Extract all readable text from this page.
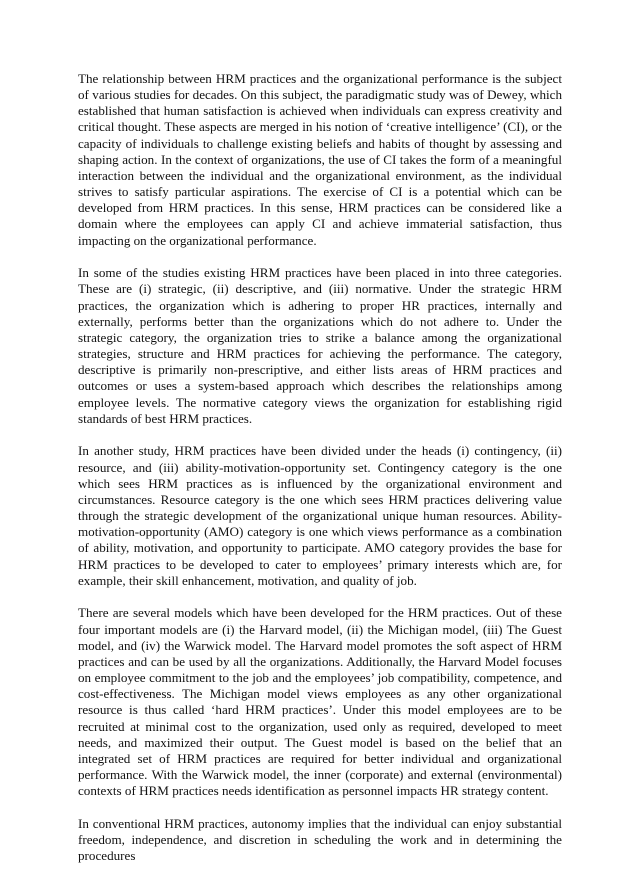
The relationship between HRM practices and the organizational performance is the subject of various studies for decades. On this subject, the paradigmatic study was of Dewey, which established that human satisfaction is achieved when individuals can express creativity and critical thought. These aspects are merged in his notion of ‘creative intelligence’ (CI), or the capacity of individuals to challenge existing beliefs and habits of thought by assessing and shaping action. In the context of organizations, the use of CI takes the form of a meaningful interaction between the individual and the organizational environment, as the individual strives to satisfy particular aspirations. The exercise of CI is a potential which can be developed from HRM practices. In this sense, HRM practices can be considered like a domain where the employees can apply CI and achieve immaterial satisfaction, thus impacting on the organizational performance.

In some of the studies existing HRM practices have been placed in into three categories. These are (i) strategic, (ii) descriptive, and (iii) normative. Under the strategic HRM practices, the organization which is adhering to proper HR practices, internally and externally, performs better than the organizations which do not adhere to. Under the strategic category, the organization tries to strike a balance among the organizational strategies, structure and HRM practices for achieving the performance. The category, descriptive is primarily non-prescriptive, and either lists areas of HRM practices and outcomes or uses a system-based approach which describes the relationships among employee levels. The normative category views the organization for establishing rigid standards of best HRM practices.

In another study, HRM practices have been divided under the heads (i) contingency, (ii) resource, and (iii) ability-motivation-opportunity set. Contingency category is the one which sees HRM practices as is influenced by the organizational environment and circumstances. Resource category is the one which sees HRM practices delivering value through the strategic development of the organizational unique human resources. Ability-motivation-opportunity (AMO) category is one which views performance as a combination of ability, motivation, and opportunity to participate. AMO category provides the base for HRM practices to be developed to cater to employees’ primary interests which are, for example, their skill enhancement, motivation, and quality of job.

There are several models which have been developed for the HRM practices. Out of these four important models are (i) the Harvard model, (ii) the Michigan model, (iii) The Guest model, and (iv) the Warwick model. The Harvard model promotes the soft aspect of HRM practices and can be used by all the organizations. Additionally, the Harvard Model focuses on employee commitment to the job and the employees’ job compatibility, competence, and cost-effectiveness. The Michigan model views employees as any other organizational resource is thus called ‘hard HRM practices’. Under this model employees are to be recruited at minimal cost to the organization, used only as required, developed to meet needs, and maximized their output. The Guest model is based on the belief that an integrated set of HRM practices are required for better individual and organizational performance. With the Warwick model, the inner (corporate) and external (environmental) contexts of HRM practices needs identification as personnel impacts HR strategy content.

In conventional HRM practices, autonomy implies that the individual can enjoy substantial freedom, independence, and discretion in scheduling the work and in determining the procedures
